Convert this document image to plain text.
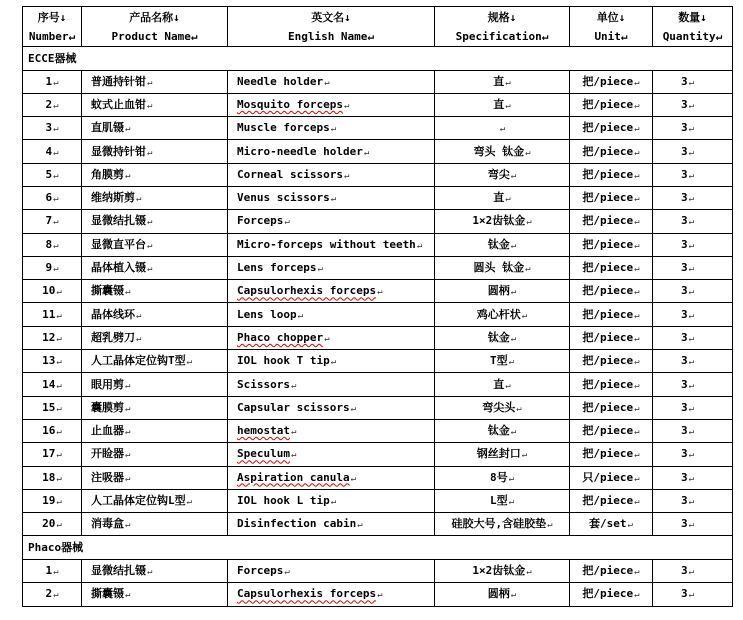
序号↓
Number↵	产品名称↓
Product Name↵	英文名↓
English Name↵	规格↓
Specification↵	单位↓
Unit↵	数量↓
Quantity↵

ECCE器械					
1↵	普通持针钳↵	Needle holder↵	直↵	把/piece↵	3↵
2↵	蚊式止血钳↵	Mosquito forceps↵	直↵	把/piece↵	3↵
3↵	直肌镊↵	Muscle forceps↵	↵	把/piece↵	3↵
4↵	显微持针钳↵	Micro-needle holder↵	弯头 钛金↵	把/piece↵	3↵
5↵	角膜剪↵	Corneal scissors↵	弯尖↵	把/piece↵	3↵
6↵	维纳斯剪↵	Venus scissors↵	直↵	把/piece↵	3↵
7↵	显微结扎镊↵	Forceps↵	1×2齿钛金↵	把/piece↵	3↵
8↵	显微直平台↵	Micro-forceps without teeth↵	钛金↵	把/piece↵	3↵
9↵	晶体植入镊↵	Lens forceps↵	圆头 钛金↵	把/piece↵	3↵
10↵	撕囊镊↵	Capsulorhexis forceps↵	圆柄↵	把/piece↵	3↵
11↵	晶体线环↵	Lens loop↵	鸡心杆状↵	把/piece↵	3↵
12↵	超乳劈刀↵	Phaco chopper↵	钛金↵	把/piece↵	3↵
13↵	人工晶体定位钩T型↵	IOL hook T tip↵	T型↵	把/piece↵	3↵
14↵	眼用剪↵	Scissors↵	直↵	把/piece↵	3↵
15↵	囊膜剪↵	Capsular scissors↵	弯尖头↵	把/piece↵	3↵
16↵	止血器↵	hemostat↵	钛金↵	把/piece↵	3↵
17↵	开睑器↵	Speculum↵	钢丝封口↵	把/piece↵	3↵
18↵	注吸器↵	Aspiration canula↵	8号↵	只/piece↵	3↵
19↵	人工晶体定位钩L型↵	IOL hook L tip↵	L型↵	把/piece↵	3↵
20↵	消毒盒↵	Disinfection cabin↵	硅胶大号,含硅胶垫↵	套/set↵	3↵
Phaco器械					
1↵	显微结扎镊↵	Forceps↵	1×2齿钛金↵	把/piece↵	3↵
2↵	撕囊镊↵	Capsulorhexis forceps↵	圆柄↵	把/piece↵	3↵
